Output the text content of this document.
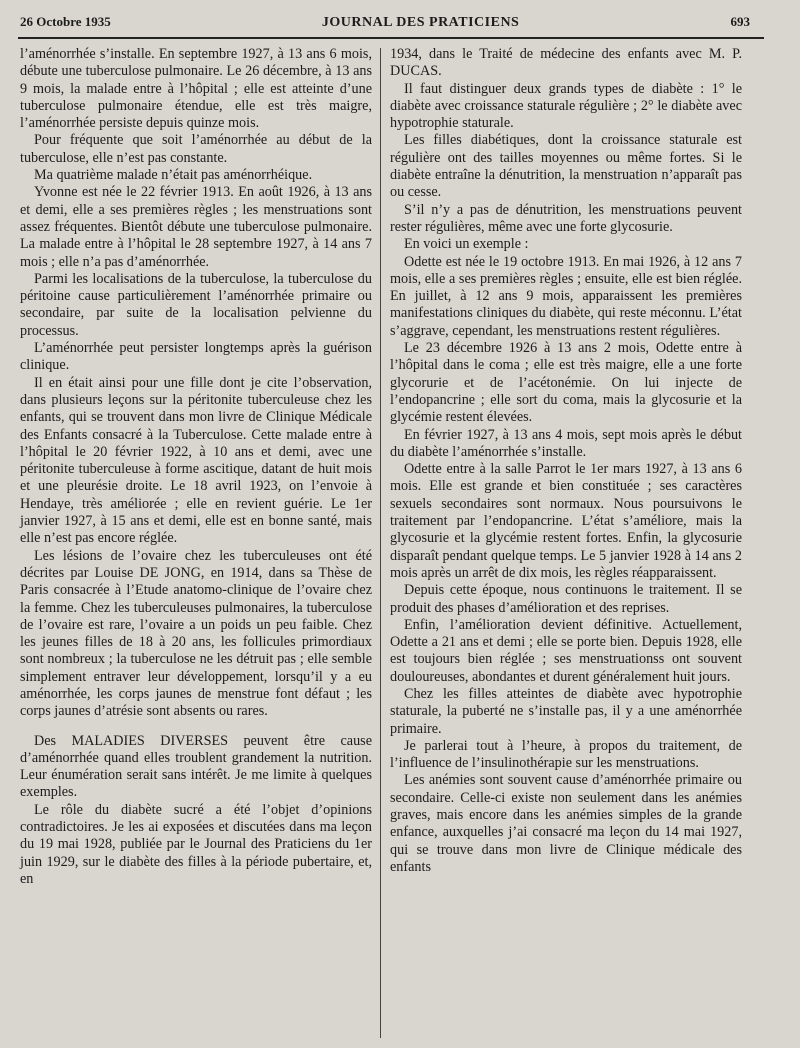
26 Octobre 1935	JOURNAL DES PRATICIENS	693

l’aménorrhée s’installe. En septembre 1927, à 13 ans 6 mois, débute une tuberculose pulmonaire. Le 26 décembre, à 13 ans 9 mois, la malade entre à l’hôpital ; elle est atteinte d’une tuberculose pulmonaire étendue, elle est très maigre, l’aménorrhée persiste depuis quinze mois.

Pour fréquente que soit l’aménorrhée au début de la tuberculose, elle n’est pas constante.

Ma quatrième malade n’était pas aménorrhéique.

Yvonne est née le 22 février 1913. En août 1926, à 13 ans et demi, elle a ses premières règles ; les menstruations sont assez fréquentes. Bientôt débute une tuberculose pulmonaire. La malade entre à l’hôpital le 28 septembre 1927, à 14 ans 7 mois ; elle n’a pas d’aménorrhée.

Parmi les localisations de la tuberculose, la tuberculose du péritoine cause particulièrement l’aménorrhée primaire ou secondaire, par suite de la localisation pelvienne du processus.

L’aménorrhée peut persister longtemps après la guérison clinique.

Il en était ainsi pour une fille dont je cite l’observation, dans plusieurs leçons sur la péritonite tuberculeuse chez les enfants, qui se trouvent dans mon livre de Clinique Médicale des Enfants consacré à la Tuberculose. Cette malade entre à l’hôpital le 20 février 1922, à 10 ans et demi, avec une péritonite tuberculeuse à forme ascitique, datant de huit mois et une pleurésie droite. Le 18 avril 1923, on l’envoie à Hendaye, très améliorée ; elle en revient guérie. Le 1er janvier 1927, à 15 ans et demi, elle est en bonne santé, mais elle n’est pas encore réglée.

Les lésions de l’ovaire chez les tuberculeuses ont été décrites par Louise DE JONG, en 1914, dans sa Thèse de Paris consacrée à l’Etude anatomo-clinique de l’ovaire chez la femme. Chez les tuberculeuses pulmonaires, la tuberculose de l’ovaire est rare, l’ovaire a un poids un peu faible. Chez les jeunes filles de 18 à 20 ans, les follicules primordiaux sont nombreux ; la tuberculose ne les détruit pas ; elle semble simplement entraver leur développement, lorsqu’il y a eu aménorrhée, les corps jaunes de menstrue font défaut ; les corps jaunes d’atrésie sont absents ou rares.

Des MALADIES DIVERSES peuvent être cause d’aménorrhée quand elles troublent grandement la nutrition. Leur énumération serait sans intérêt. Je me limite à quelques exemples.

Le rôle du diabète sucré a été l’objet d’opinions contradictoires. Je les ai exposées et discutées dans ma leçon du 19 mai 1928, publiée par le Journal des Praticiens du 1er juin 1929, sur le diabète des filles à la période pubertaire, et, en

1934, dans le Traité de médecine des enfants avec M. P. DUCAS.

Il faut distinguer deux grands types de diabète : 1° le diabète avec croissance staturale régulière ; 2° le diabète avec hypotrophie staturale.

Les filles diabétiques, dont la croissance staturale est régulière ont des tailles moyennes ou même fortes. Si le diabète entraîne la dénutrition, la menstruation n’apparaît pas ou cesse.

S’il n’y a pas de dénutrition, les menstruations peuvent rester régulières, même avec une forte glycosurie.

En voici un exemple :

Odette est née le 19 octobre 1913. En mai 1926, à 12 ans 7 mois, elle a ses premières règles ; ensuite, elle est bien réglée. En juillet, à 12 ans 9 mois, apparaissent les premières manifestations cliniques du diabète, qui reste méconnu. L’état s’aggrave, cependant, les menstruations restent régulières.

Le 23 décembre 1926 à 13 ans 2 mois, Odette entre à l’hôpital dans le coma ; elle est très maigre, elle a une forte glycorurie et de l’acétonémie. On lui injecte de l’endopancrine ; elle sort du coma, mais la glycosurie et la glycémie restent élevées.

En février 1927, à 13 ans 4 mois, sept mois après le début du diabète l’aménorrhée s’installe.

Odette entre à la salle Parrot le 1er mars 1927, à 13 ans 6 mois. Elle est grande et bien constituée ; ses caractères sexuels secondaires sont normaux. Nous poursuivons le traitement par l’endopancrine. L’état s’améliore, mais la glycosurie et la glycémie restent fortes. Enfin, la glycosurie disparaît pendant quelque temps. Le 5 janvier 1928 à 14 ans 2 mois après un arrêt de dix mois, les règles réapparaissent.

Depuis cette époque, nous continuons le traitement. Il se produit des phases d’amélioration et des reprises.

Enfin, l’amélioration devient définitive. Actuellement, Odette a 21 ans et demi ; elle se porte bien. Depuis 1928, elle est toujours bien réglée ; ses menstruationss ont souvent douloureuses, abondantes et durent généralement huit jours.

Chez les filles atteintes de diabète avec hypotrophie staturale, la puberté ne s’installe pas, il y a une aménorrhée primaire.

Je parlerai tout à l’heure, à propos du traitement, de l’influence de l’insulinothérapie sur les menstruations.

Les anémies sont souvent cause d’aménorrhée primaire ou secondaire. Celle-ci existe non seulement dans les anémies graves, mais encore dans les anémies simples de la grande enfance, auxquelles j’ai consacré ma leçon du 14 mai 1927, qui se trouve dans mon livre de Clinique médicale des enfants
